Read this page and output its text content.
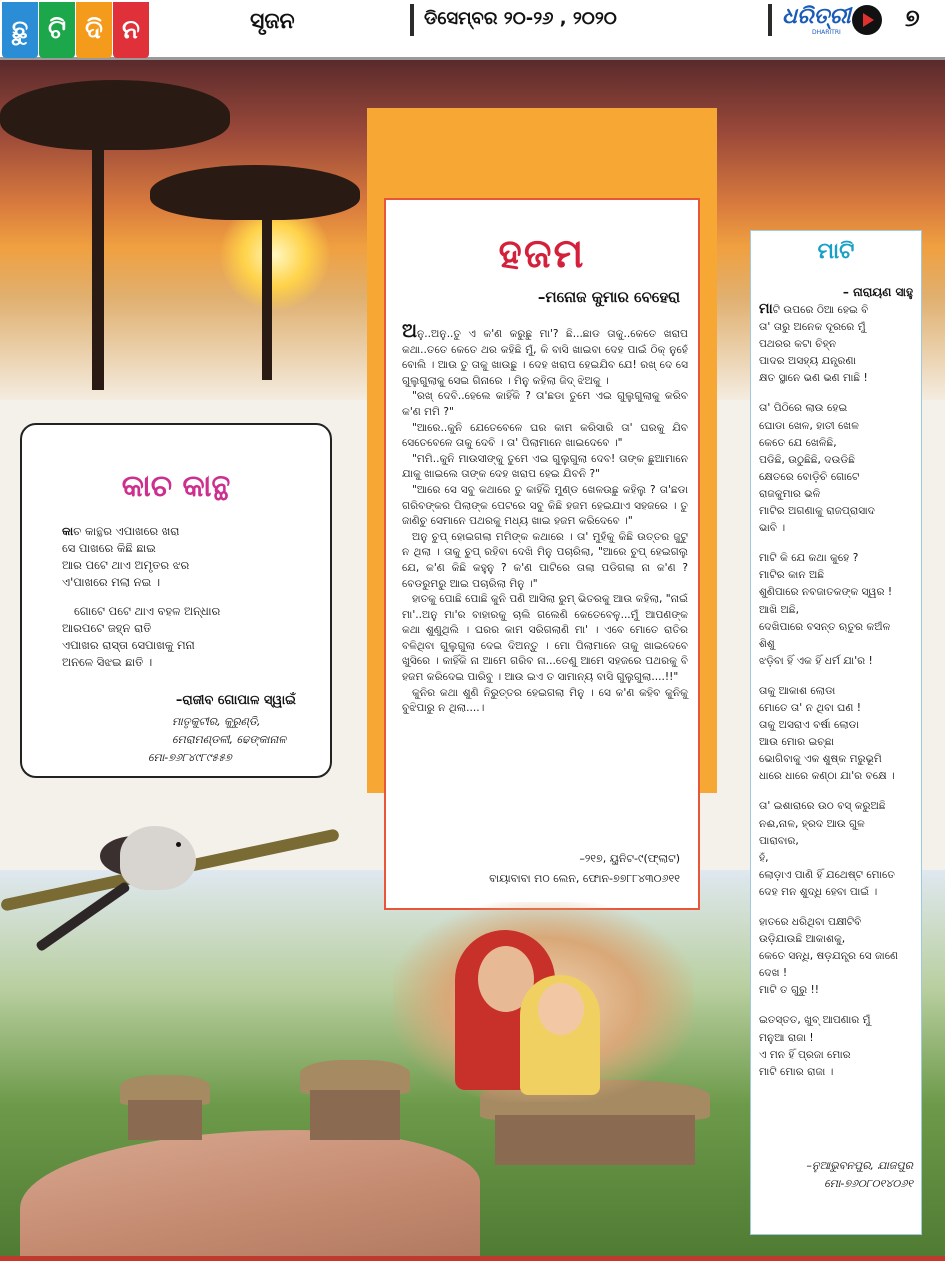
ଛୁ ଟି ଦି ନ	ସୃଜନ	ଡିସେମ୍ବର ୨୦-୨୬ , ୨୦୨୦	ଧରିତ୍ରୀ
DHARITRI
୭
ହଜମ
–ମନୋଜ କୁମାର ବେହେରା

ଅନୁ..ଅନୁ..ତୁ ଏ କ'ଣ କରୁଛୁ ମା'? ଛି...ଛାଡ ତାକୁ..କେତେ ଖରାପ କଥା..ତତେ କେତେ ଥର କହିଛି ମୁଁ, କି ବାସି ଖାଇବା ଦେହ ପାଇଁ ଠିକ୍ ନୁହେଁ ବୋଲି । ଆଉ ତୁ ତାକୁ ଖାଉଛୁ । ଦେହ ଖରାପ ହେଇଯିବ ଯେ! ରଖ୍ ଦେ ସେ ଗୁଲୁଗୁଲାକୁ ସେଇ ଗିନାରେ । ମିନୁ କହିଲା ଜିଦ୍ ଝିଅକୁ ।

"ରଖ୍ ଦେବି..ହେଲେ କାହିଁକି ? ତା'ଛଡା ତୁମେ ଏଇ ଗୁଲୁଗୁଲାକୁ କରିବ କ'ଣ ମମି ?"

"ଆରେ..କୁନି ଯେତେବେଳେ ଘର କାମ କରିସାରି ତା' ଘରକୁ ଯିବ ସେତେବେଳେ ତାକୁ ଦେବି । ତା' ପିଲାମାନେ ଖାଇଦେବେ ।"

"ମମି..କୁନି ମାଉସୀଙ୍କୁ ତୁମେ ଏଇ ଗୁଲୁଗୁଲା ଦେବ! ତାଙ୍କ ଛୁଆମାନେ ଯାକୁ ଖାଇଲେ ତାଙ୍କ ଦେହ ଖରାପ ହେଇ ଯିବନି ?"

"ଆରେ ସେ ସବୁ କଥାରେ ତୁ କାହିଁକି ମୁଣ୍ଡ ଖେଳଉଛୁ କହିଲୁ ? ତା'ଛଡା ଗରିବଙ୍କର ପିଲାଙ୍କ ପେଟରେ ସବୁ କିଛି ହଜମ ହେଇଯାଏ ସହଜରେ । ତୁ ଜାଣିଚୁ ସେମାନେ ପଥରକୁ ମଧ୍ୟ ଖାଇ ହଜମ କରିଦେବେ ।"

ଅନୁ ଚୁପ୍ ହୋଇଗଲା ମମିଙ୍କ କଥାରେ । ତା' ମୁହଁକୁ କିଛି ଉତ୍ତର ଜୁଟୁ ନ ଥିଲା । ତାକୁ ଚୁପ୍ ରହିବା ଦେଖି ମିନୁ ପଚାରିଲା, "ଆରେ ଚୁପ୍ ହେଇଗଲୁ ଯେ, କ'ଣ କିଛି କହୁନୁ ? କ'ଣ ପାଟିରେ ତାଲା ପଡିଗଲା ନା କ'ଣ ? ବେଡରୁମରୁ ଆଇ ପଚାରିଲା ମିନୁ ।"

ହାତକୁ ପୋଛି ପୋଛି କୁନି ପଣି ଆସିଲା ରୁମ୍ ଭିତରକୁ ଆଉ କହିଲା, "ନାଇଁ ମା'..ଅନୁ ମା'ର ବାହାରକୁ ଚାଲି ଗଲେଣି କେତେବେଳୁ...ମୁଁ ଆପଣଙ୍କ କଥା ଶୁଣୁଥିଲି । ଘରର କାମ ସରିଗଲାଣି ମା' । ଏବେ ମୋତେ ରାତିର ବଳିଥିବା ଗୁଲୁଗୁଲା ଦେଇ ଦିଅନ୍ତୁ । ମୋ ପିଲାମାନେ ତାକୁ ଖାଇଦେବେ ଖୁସିରେ । କାହିଁକି ନା ଆମେ ଗରିବ ନା...ତେଣୁ ଆମେ ସହଜରେ ପଥରକୁ ବି ହଜମ କରିଦେଇ ପାରିବୁ । ଆଉ ଇଏ ତ ସାମାନ୍ୟ ବାସି ଗୁଲୁଗୁଲା....!!"

କୁନିର କଥା ଶୁଣି ନିରୁତ୍ତର ହେଇଗଲା ମିନୁ । ସେ କ'ଣ କହିବ କୁନିକୁ ବୁଝିପାରୁ ନ ଥିଲା....।

–୨୧୭, ୟୁନିଟ-୯(ଫ୍ଲାଟ)
ବାୟାବାବା ମଠ ଲେନ, ଫୋନ-୭୭୮୮୪୩୦୬୧୧
କାଚ କାନ୍ଥ
କାଚ କାନ୍ଥର ଏପାଖରେ ଖରା
ସେ ପାଖରେ କିଛି ଛାଇ
ଆର ପଟେ ଥାଏ ଅମୃତର ଝର
ଏ'ପାଖରେ ମଲା ନଇ ।
ଗୋଟେ ପଟେ ଥାଏ ବହଳ ଅନ୍ଧାର
ଆରପଟେ ଜହ୍ନ ରାତି
ଏପାଖର ରାସ୍ତା ସେପାଖକୁ ମନା
ଅନଳେ ସିଝଇ ଛାତି ।
–ରାଜୀବ ଗୋପାଳ ସ୍ୱାଇଁ
ମାତୃକୁଟୀର, କୁରୁଣ୍ଡି,
ମେରାମଣ୍ଡଳୀ, ଢେଙ୍କାନାଳ
ମୋ-୭୬୮୪୯୮୯୫୫୭
ମାଟି
– ନାରାୟଣ ସାହୁ
ମାଟି ଉପରେ ଠିଆ ହେଇ ବି
ତା' ତାରୁ ଅନେକ ଦୂରରେ ମୁଁ
ପଥରର କଟା ଚିହ୍ନ
ପାଦର ଅସହ୍ୟ ଯନ୍ତ୍ରଣା
କ୍ଷତ ସ୍ଥାନେ ଭଣ ଭଣ ମାଛି !
ତା' ପିଠିରେ ଲାଉ ହେଇ
ଘୋଡା ଖେଳ, ହାତୀ ଖେଳ
କେତେ ଯେ ଖେଳିଛି,
ପଡିଛି, ଉଠୁଛିଛି, ଦଉଡିଛି
କ୍ଷେତରେ ବୋଡ଼ିଚି ଗୋଟେ
ରାଜକୁମାର ଭଳି
ମାଟିର ଅଗଣାକୁ ରାଜପ୍ରାସାଦ
ଭାବି ।
ମାଟି କି ଯେ କଥା କୁହେ ?
ମାଟିର କାନ ଅଛି
ଶୁଣିପାରେ ନବଜାତକଙ୍କ ସ୍ୱର !
ଆଖି ଅଛି,
ଦେଖିପାରେ ବସନ୍ତ ଋତୁର କଅଁଳ
ଶିଶୁ
ଝଡ଼ିବା ହିଁ ଏକ ହିଁ ଧର୍ମ ଯା'ର !
ତାକୁ ଆକାଶ ଲୋଡା
ମୋତେ ତା' ନ ଥିବା ଘଣ !
ତାକୁ ଅସରାଏ ବର୍ଷା ଲୋଡା
ଆଉ ମୋର ଇଚ୍ଛା
ଭୋଗିବାକୁ ଏକ ଶୁଷ୍କ ମରୁଭୂମି
ଧାରେ ଧାରେ କଣ୍ଠା ଯା'ର ବକ୍ଷେ ।
ତା' ଇଶାରାରେ ଉଠ ବସ୍ କରୁଅଛି
ନଈ,ନାଳ, ହ୍ରଦ ଆଉ ଗୁଳ
ପାରାବାର,
ହଁ,
ଲୋଡ଼ାଏ ପାଣି ହିଁ ଯଥେଷ୍ଟ ମୋତେ
ଦେହ ମନ ଶୁଦ୍ଧି ହେବା ପାଇଁ ।
ହାତରେ ଧରିଥିବା ପକ୍ଷୀଟିବି
ଉଡ଼ିଯାଉଛି ଆକାଶକୁ,
କେତେ ସନ୍ଧି, ଷଡ଼ଯନ୍ତ୍ର ସେ ଜାଣେ
ଦେଖ !
ମାଟି ତ ଗୁରୁ !!
ଇତସ୍ତତ, ଖୁବ୍ ଆପଣାର ମୁଁ
ମନୁଆ ରାଜା !
ଏ ମନ ହିଁ ପ୍ରଜା ମୋର
ମାଟି ମୋର ରାଜା ।
–ନୁଆଭୁବନପୁର, ଯାଜପୁର
ମୋ-୭୬୦୮୦୧୪୦୬୧
